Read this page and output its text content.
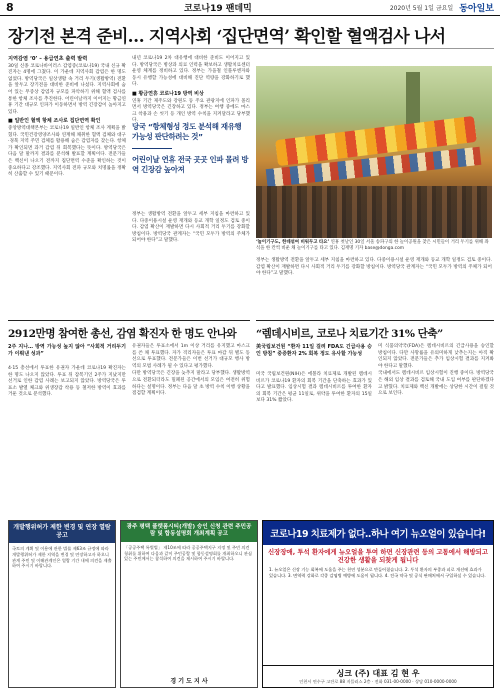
8	코로나19 팬데믹	2020년 5월 1일 금요일 동아일보
장기전 본격 준비… 지역사회 ‘집단면역’ 확인할 혈액검사 나서

지역감염 ‘0’ – 용급연초 출력 발력

30일 신종 코로나바이러스 감염증(코로나19) 국내 신규 확진자는 4명에 그쳤다. 이 가운데 지역사회 감염은 한 명도 없었다. 방역당국은 일상생활 속 거리 두기(생활방역) 전환을 앞두고 장기전을 대비한 준비에 나섰다. 지역사회에 숨어 있는 무증상 감염자 규모를 파악하기 위해 혈액 검사를 통한 항체 조사를 추진한다. 어린이날까지 이어지는 황금연휴 기간 대규모 인파가 이동하면서 방역 긴장감이 높아지고 있다.

■ 일반인 혈액 항체 조사로 집단면역 확인

중앙방역대책본부는 코로나19 일반인 항체 조사 계획을 밝혔다. 국민건강영양조사와 연계해 채취한 혈액 검체와 대구·경북 지역 주민 검체를 활용해 숨은 감염자를 찾는다. 항체가 확인되면 과거 감염 뒤 회복했다는 뜻이다. 방역당국은 다음 달 말까지 결과를 분석해 발표할 계획이다. 전문가들은 백신이 나오기 전까지 집단면역 수준을 확인하는 것이 중요하다고 강조했다. 지역사회 전파 규모와 치명률을 정확히 산출할 수 있기 때문이다.

내년 코로나19 2차 대유행에 대비한 준비도 이어지고 있다. 방역당국은 병상과 의료 인력을 확보하고 생활치료센터 운영 체계를 정비하고 있다. 정부는 가을철 인플루엔자와 동시 유행할 가능성에 대비해 진단 역량을 강화하기로 했다.

■ 황금연휴 코로나19 방역 비상

연휴 기간 제주도와 강원도 등 주요 관광지에 인파가 몰리면서 방역당국은 긴장하고 있다. 정부는 여행 중에도 마스크 착용과 손 씻기 등 개인 방역 수칙을 지켜달라고 당부했다.

당국 “항체형성 정도 분석해 재유행 가능성 판단하려는 것”
어린이날 연휴 전국 곳곳 인파 몰려 방역 긴장감 높아져

정부는 생활방역 전환을 앞두고 세부 지침을 마련하고 있다. 다중이용시설 운영 재개와 등교 개학 일정도 검토 중이다. 감염 확산이 재발하면 다시 사회적 거리 두기를 강화할 방침이다. 방역당국 관계자는 “국민 모두가 방역의 주체가 되어야 한다”고 말했다.	‘놀이기구도, 한데섞여 비워두고 타요’ 연휴 첫날인 30일 서울 송파구의 한 놀이공원을 찾은 시민들이 거리 두기를 위해 좌석을 한 칸씩 비운 채 놀이기구를 타고 있다. 김재명 기자 base@donga.com

정부는 생활방역 전환을 앞두고 세부 지침을 마련하고 있다. 다중이용시설 운영 재개와 등교 개학 일정도 검토 중이다. 감염 확산이 재발하면 다시 사회적 거리 두기를 강화할 방침이다. 방역당국 관계자는 “국민 모두가 방역의 주체가 되어야 한다”고 말했다.

2912만명 참여한 총선, 감염 확진자 한 명도 안나와
2주 지나… 방역 가능성 높지 않아 “사회적 거리두기가 이뤄낸 성과”

4·15 총선에서 투표한 유권자 가운데 코로나19 확진자는 한 명도 나오지 않았다. 투표 뒤 잠복기인 2주가 지났지만 선거로 인한 감염 사례는 보고되지 않았다. 방역당국은 투표소 발열 체크와 위생장갑 착용 등 철저한 방역이 효과를 거둔 것으로 분석했다.

유권자들은 투표소에서 1m 이상 거리를 유지했고 마스크를 쓴 채 투표했다. 자가 격리자들은 투표 마감 뒤 별도 동선으로 투표했다. 전문가들은 이번 선거가 대규모 행사 방역의 모범 사례가 될 수 있다고 평가했다.

다만 방역당국은 긴장을 늦추지 말라고 당부했다. 생활방역으로 전환되더라도 밀폐된 공간에서의 모임은 여전히 위험하다는 설명이다. 정부는 다음 달 초 방역 수칙 이행 상황을 점검할 계획이다.

“렘데시비르, 코로나 치료기간 31% 단축”
美국립보건원 “환자 11일 걸려 FDA도 긴급사용 승인 방침” 중증환자 2% 회복 정도 유사할 가능성

미국 국립보건원(NIH)은 에볼라 치료제로 개발된 렘데시비르가 코로나19 환자의 회복 기간을 단축하는 효과가 있다고 발표했다. 임상시험 결과 렘데시비르를 투여한 환자의 회복 기간은 평균 11일로, 위약을 투여한 환자의 15일보다 31% 짧았다.

미 식품의약국(FDA)은 렘데시비르의 긴급사용을 승인할 방침이다. 다만 사망률을 유의미하게 낮추는지는 아직 확인되지 않았다. 전문가들은 추가 임상시험 결과를 지켜봐야 한다고 말했다.

국내에서도 렘데시비르 임상시험이 진행 중이다. 방역당국은 해외 임상 결과를 검토해 국내 도입 여부를 판단하겠다고 밝혔다. 치료제와 백신 개발에는 상당한 시간이 걸릴 것으로 보인다.

개발행위허가 제한 변경 및 연장 열람공고
국토의 계획 및 이용에 관한 법률 제63조 규정에 따라 개발행위허가 제한 지역을 변경 및 연장하고자 하오니 관계 주민 및 이해관계인은 열람 기간 내에 의견을 제출하여 주시기 바랍니다.
광주 평택 플랫폼시티(개발) 승인 신청 관련 주민공람 및 합동설명회 개최계획 공고
「공공주택 특별법」 제10조에 따라 공공주택지구 지정 및 주민 의견 청취를 위하여 다음과 같이 주민공람 및 합동설명회를 개최하오니 관심 있는 주민께서는 참석하여 의견을 제시하여 주시기 바랍니다.
경 기 도 지 사
코로나19 치료제가 없다..하나 여기 뉴오얼이 있습니다!
신장장애, 투석 환자에게 뉴오얼을 투여 하면 신장관련 등의 고통에서 해방되고 건강한 생활을 되찾게 됩니다
1. 뉴오얼은 신장 기능 회복에 도움을 주는 천연 성분으로 만들어졌습니다. 2. 투석 환자의 부종과 피로 개선에 효과가 있습니다. 3. 면역력 강화로 각종 감염병 예방에 도움이 됩니다. 4. 전국 약국 및 공식 판매처에서 구입하실 수 있습니다.
싱크 (주) 대표 김 현 우
인천시 연수구 고잔로 88 지플러스 2층 · 전화 031-00-0000 · 상담 010-0000-0000
